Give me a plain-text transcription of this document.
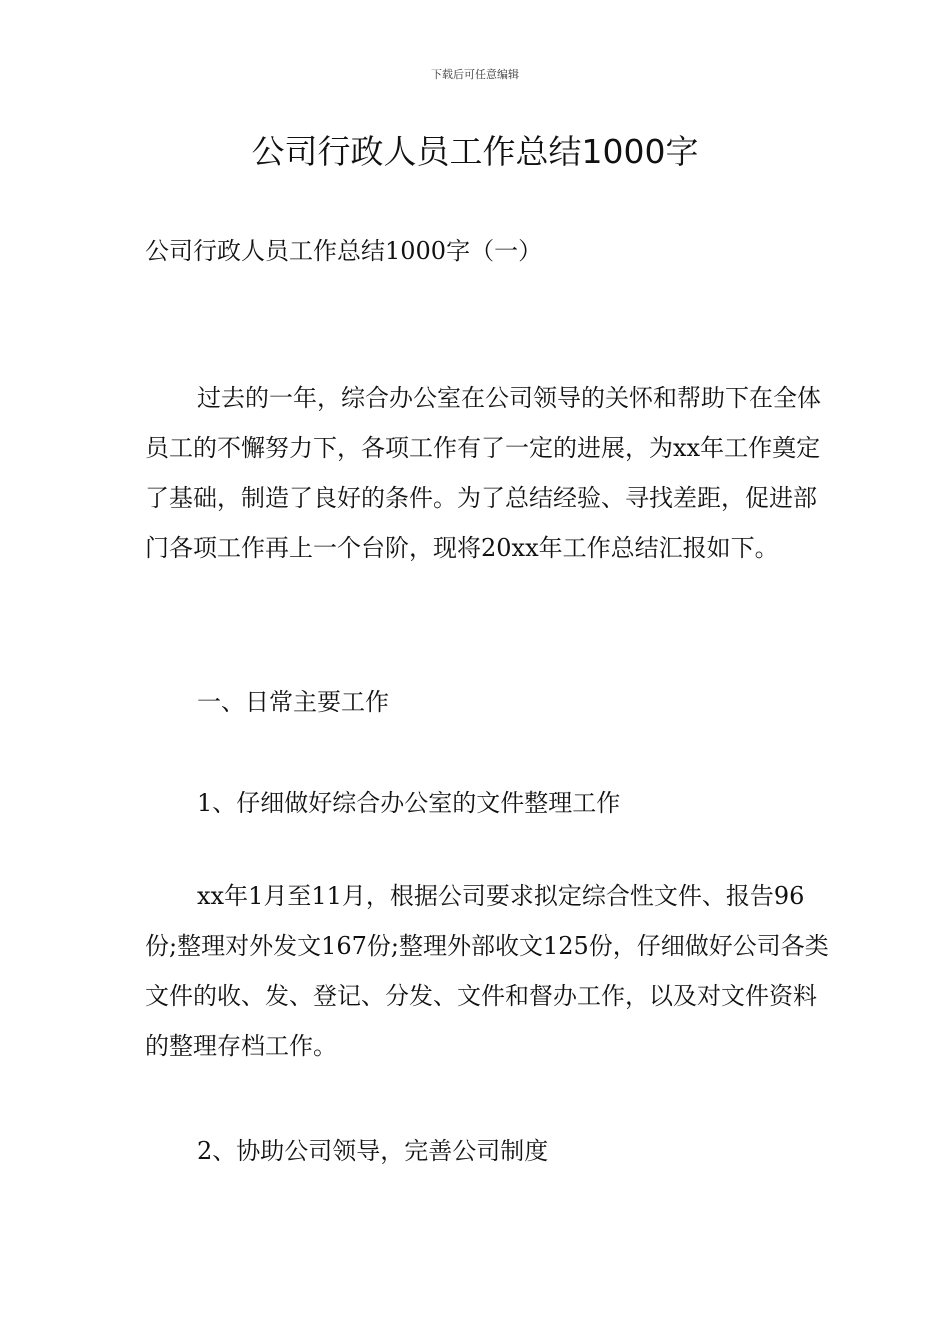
下载后可任意编辑
公司行政人员工作总结1000字
公司行政人员工作总结1000字（一）

过去的一年，综合办公室在公司领导的关怀和帮助下在全体员工的不懈努力下，各项工作有了一定的进展，为xx年工作奠定了基础，制造了良好的条件。为了总结经验、寻找差距，促进部门各项工作再上一个台阶，现将20xx年工作总结汇报如下。

一、日常主要工作
1、仔细做好综合办公室的文件整理工作

xx年1月至11月，根据公司要求拟定综合性文件、报告96份;整理对外发文167份;整理外部收文125份，仔细做好公司各类文件的收、发、登记、分发、文件和督办工作，以及对文件资料的整理存档工作。

2、协助公司领导，完善公司制度
